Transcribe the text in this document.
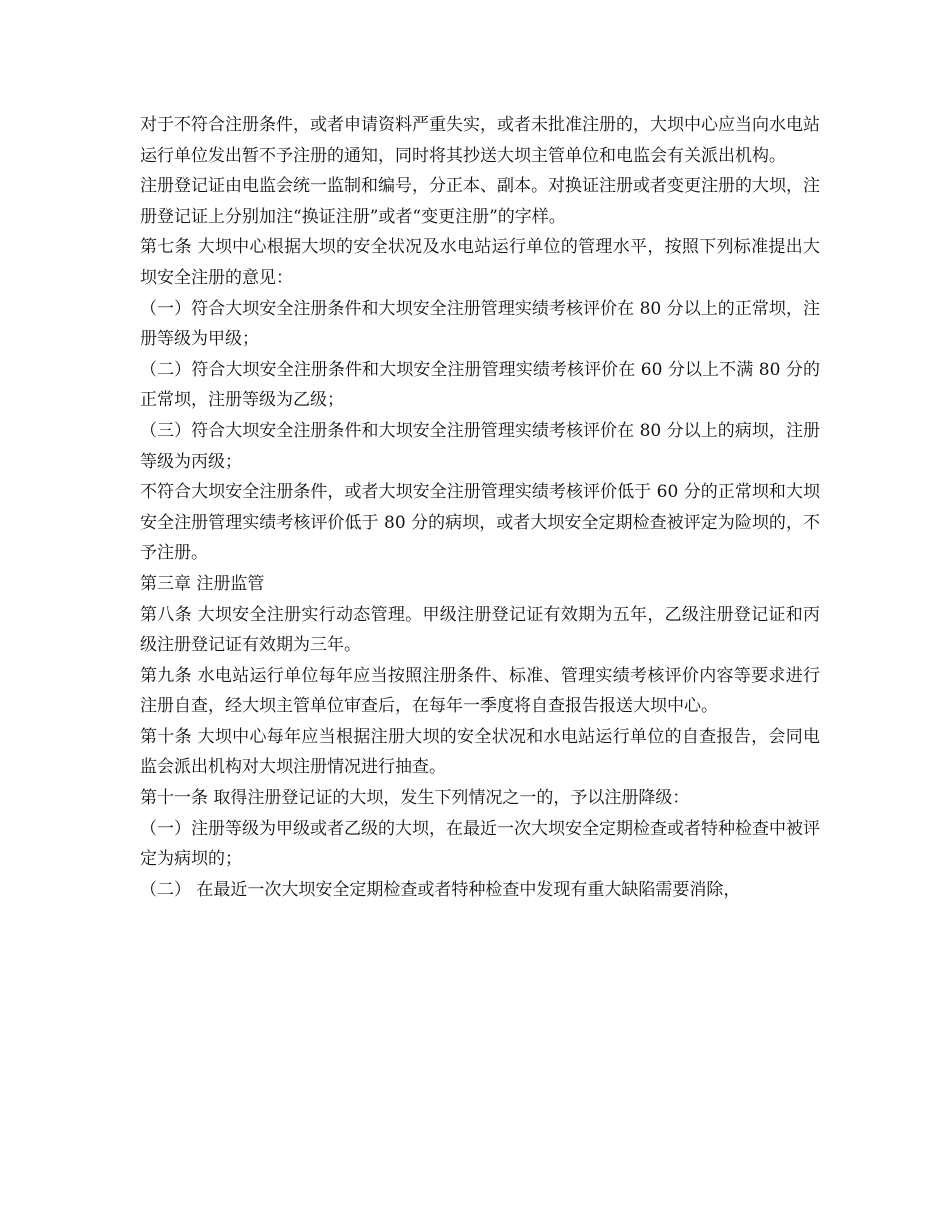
对于不符合注册条件，或者申请资料严重失实，或者未批准注册的，大坝中心应当向水电站运行单位发出暂不予注册的通知，同时将其抄送大坝主管单位和电监会有关派出机构。

注册登记证由电监会统一监制和编号，分正本、副本。对换证注册或者变更注册的大坝，注册登记证上分别加注“换证注册”或者“变更注册”的字样。

第七条 大坝中心根据大坝的安全状况及水电站运行单位的管理水平，按照下列标准提出大坝安全注册的意见：

（一）符合大坝安全注册条件和大坝安全注册管理实绩考核评价在 80 分以上的正常坝，注册等级为甲级；

（二）符合大坝安全注册条件和大坝安全注册管理实绩考核评价在 60 分以上不满 80 分的正常坝，注册等级为乙级；

（三）符合大坝安全注册条件和大坝安全注册管理实绩考核评价在 80 分以上的病坝，注册等级为丙级；

不符合大坝安全注册条件，或者大坝安全注册管理实绩考核评价低于 60 分的正常坝和大坝安全注册管理实绩考核评价低于 80 分的病坝，或者大坝安全定期检查被评定为险坝的，不予注册。

第三章 注册监管

第八条 大坝安全注册实行动态管理。甲级注册登记证有效期为五年，乙级注册登记证和丙级注册登记证有效期为三年。

第九条 水电站运行单位每年应当按照注册条件、标准、管理实绩考核评价内容等要求进行注册自查，经大坝主管单位审查后，在每年一季度将自查报告报送大坝中心。

第十条 大坝中心每年应当根据注册大坝的安全状况和水电站运行单位的自查报告，会同电监会派出机构对大坝注册情况进行抽查。

第十一条 取得注册登记证的大坝，发生下列情况之一的，予以注册降级：

（一）注册等级为甲级或者乙级的大坝，在最近一次大坝安全定期检查或者特种检查中被评定为病坝的；

（二） 在最近一次大坝安全定期检查或者特种检查中发现有重大缺陷需要消除，
